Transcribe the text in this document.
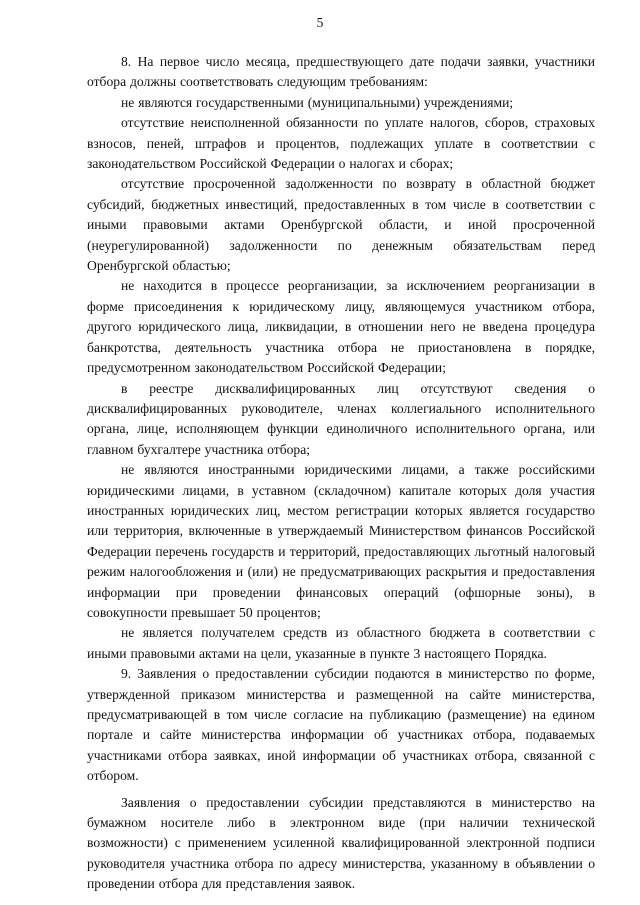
5

8. На первое число месяца, предшествующего дате подачи заявки, участники отбора должны соответствовать следующим требованиям:

не являются государственными (муниципальными) учреждениями;

отсутствие неисполненной обязанности по уплате налогов, сборов, страховых взносов, пеней, штрафов и процентов, подлежащих уплате в соответствии с законодательством Российской Федерации о налогах и сборах;

отсутствие просроченной задолженности по возврату в областной бюджет субсидий, бюджетных инвестиций, предоставленных в том числе в соответствии с иными правовыми актами Оренбургской области, и иной просроченной (неурегулированной) задолженности по денежным обязательствам перед Оренбургской областью;

не находится в процессе реорганизации, за исключением реорганизации в форме присоединения к юридическому лицу, являющемуся участником отбора, другого юридического лица, ликвидации, в отношении него не введена процедура банкротства, деятельность участника отбора не приостановлена в порядке, предусмотренном законодательством Российской Федерации;

в реестре дисквалифицированных лиц отсутствуют сведения о дисквалифицированных руководителе, членах коллегиального исполнительного органа, лице, исполняющем функции единоличного исполнительного органа, или главном бухгалтере участника отбора;

не являются иностранными юридическими лицами, а также российскими юридическими лицами, в уставном (складочном) капитале которых доля участия иностранных юридических лиц, местом регистрации которых является государство или территория, включенные в утверждаемый Министерством финансов Российской Федерации перечень государств и территорий, предоставляющих льготный налоговый режим налогообложения и (или) не предусматривающих раскрытия и предоставления информации при проведении финансовых операций (офшорные зоны), в совокупности превышает 50 процентов;

не является получателем средств из областного бюджета в соответствии с иными правовыми актами на цели, указанные в пункте 3 настоящего Порядка.

9. Заявления о предоставлении субсидии подаются в министерство по форме, утвержденной приказом министерства и размещенной на сайте министерства, предусматривающей в том числе согласие на публикацию (размещение) на едином портале и сайте министерства информации об участниках отбора, подаваемых участниками отбора заявках, иной информации об участниках отбора, связанной с отбором.

Заявления о предоставлении субсидии представляются в министерство на бумажном носителе либо в электронном виде (при наличии технической возможности) с применением усиленной квалифицированной электронной подписи руководителя участника отбора по адресу министерства, указанному в объявлении о проведении отбора для представления заявок.
